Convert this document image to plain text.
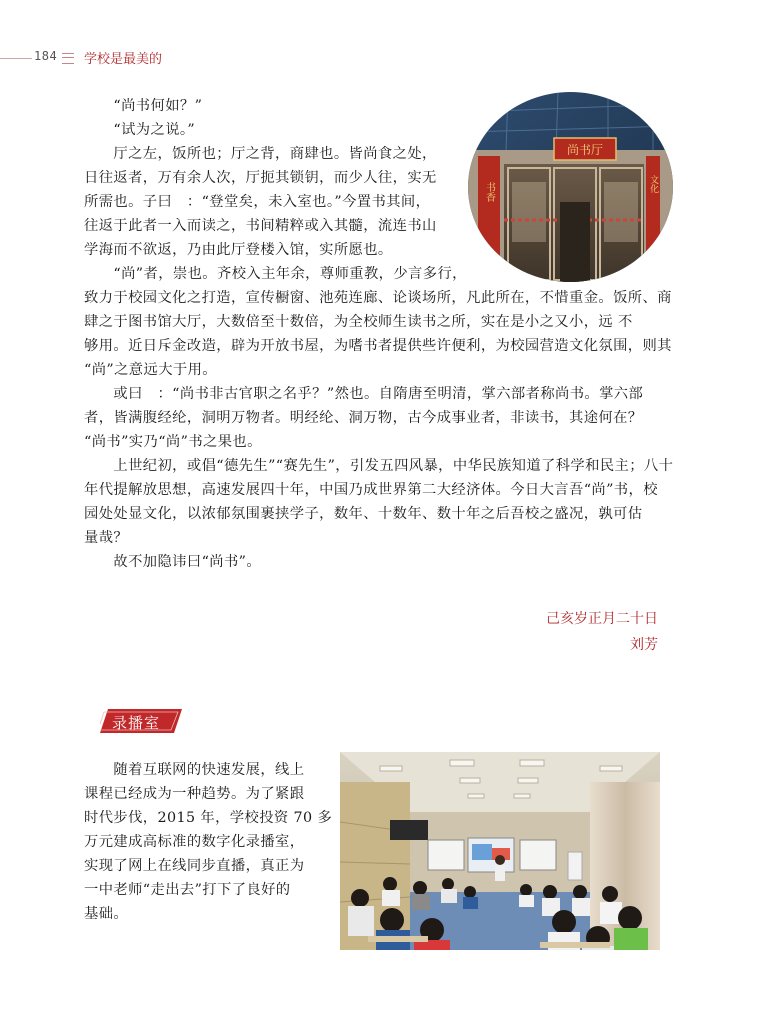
184 学校是最美的
　　“尚书何如？”
　　“试为之说。”
　　厅之左，饭所也；厅之背，商肆也。皆尚食之处，
日往返者，万有余人次，厅扼其锁钥，而少人往，实无
所需也。子曰　：“登堂矣，未入室也。”今置书其间，
往返于此者一入而读之，书间精粹或入其髓，流连书山
学海而不欲返，乃由此厅登楼入馆，实所愿也。
　　“尚”者，崇也。齐校入主年余，尊师重教，少言多行，
尚书厅
书香	文化
致力于校园文化之打造，宣传橱窗、池苑连廊、论谈场所，凡此所在，不惜重金。饭所、商
肆之于图书馆大厅，大数倍至十数倍，为全校师生读书之所，实在是小之又小，远 不
够用。近日斥金改造，辟为开放书屋，为嗜书者提供些许便利，为校园营造文化氛围，则其
“尚”之意远大于用。
　　或曰　：“尚书非古官职之名乎？”然也。自隋唐至明清，掌六部者称尚书。掌六部
者，皆满腹经纶，洞明万物者。明经纶、洞万物，古今成事业者，非读书，其途何在？
“尚书”实乃“尚”书之果也。
　　上世纪初，或倡“德先生”“赛先生”，引发五四风暴，中华民族知道了科学和民主；八十
年代提解放思想，高速发展四十年，中国乃成世界第二大经济体。今日大言吾“尚”书，校
园处处显文化，以浓郁氛围裹挟学子，数年、十数年、数十年之后吾校之盛况，孰可估
量哉？
　　故不加隐讳曰“尚书”。
己亥岁正月二十日
刘芳
录播室
　　随着互联网的快速发展，线上
课程已经成为一种趋势。为了紧跟
时代步伐，2015 年，学校投资 70 多
万元建成高标准的数字化录播室，
实现了网上在线同步直播，真正为
一中老师“走出去”打下了良好的
基础。
